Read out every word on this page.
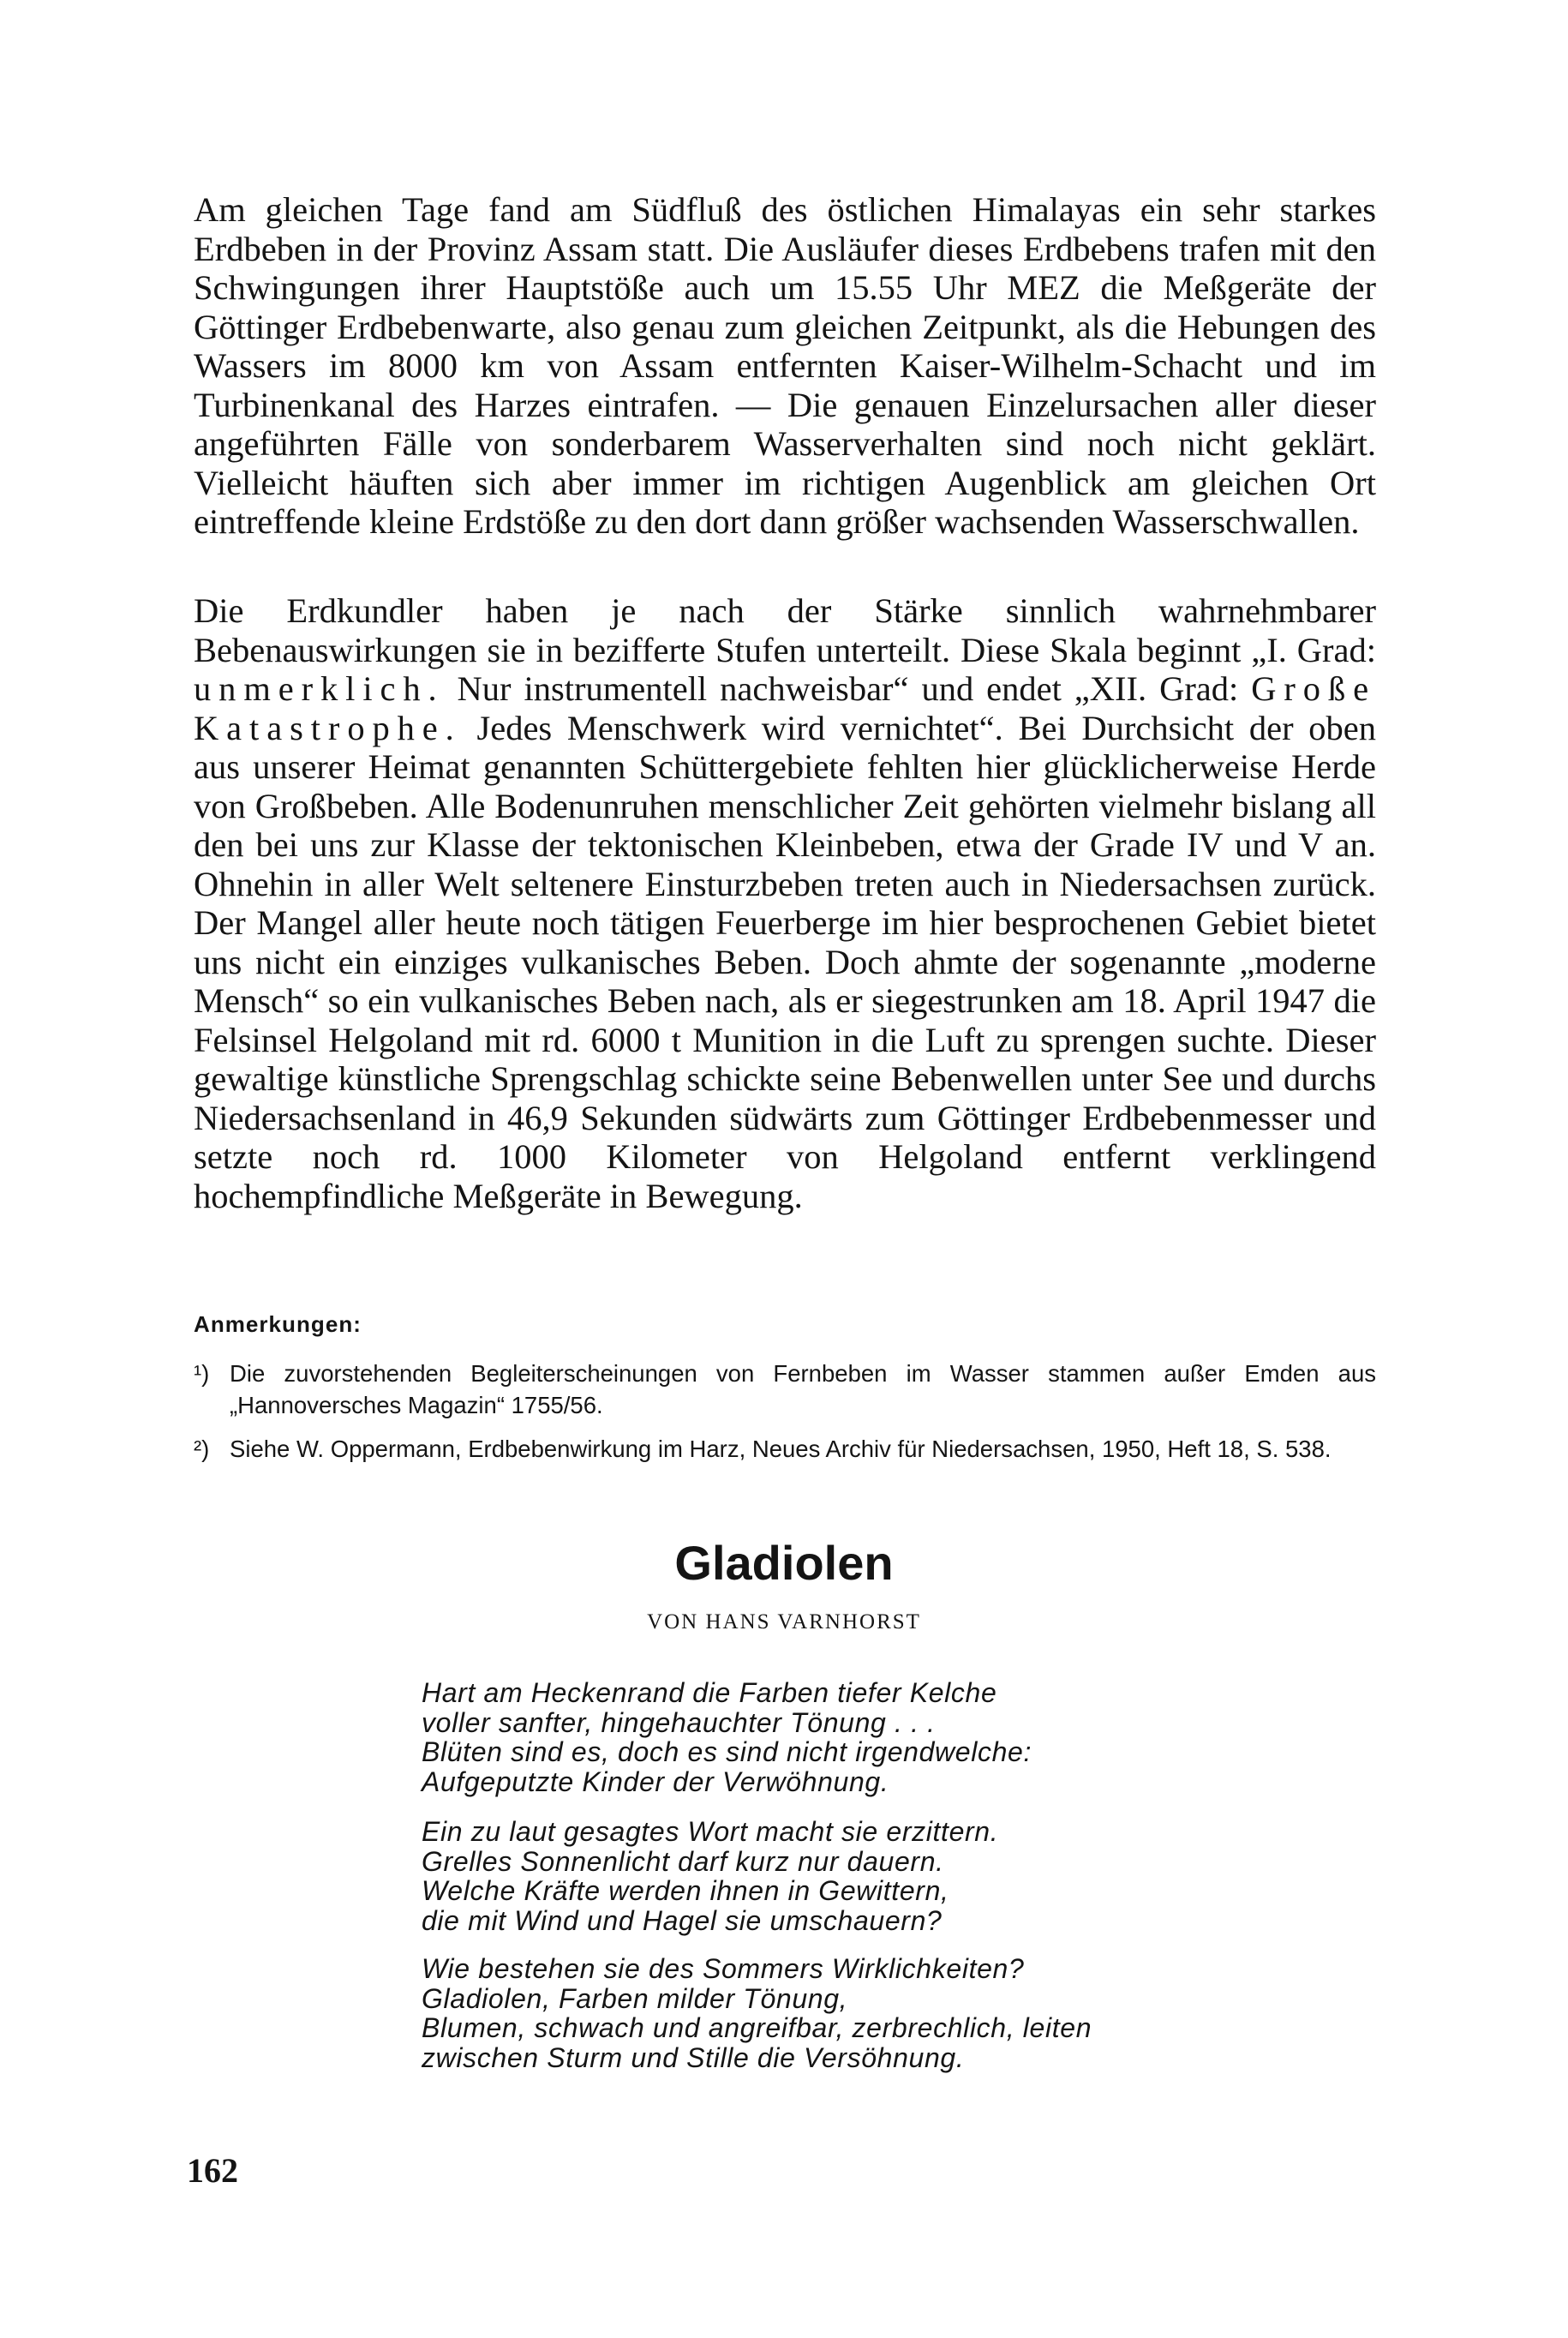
Am gleichen Tage fand am Südfluß des östlichen Himalayas ein sehr starkes Erdbeben in der Provinz Assam statt. Die Ausläufer dieses Erdbebens trafen mit den Schwingungen ihrer Hauptstöße auch um 15.55 Uhr MEZ die Meßgeräte der Göttinger Erdbebenwarte, also genau zum gleichen Zeitpunkt, als die Hebungen des Wassers im 8000 km von Assam entfernten Kaiser-Wilhelm-Schacht und im Turbinenkanal des Harzes eintrafen. — Die genauen Einzelursachen aller dieser angeführten Fälle von sonderbarem Wasserverhalten sind noch nicht geklärt. Vielleicht häuften sich aber immer im richtigen Augenblick am gleichen Ort eintreffende kleine Erdstöße zu den dort dann größer wachsenden Wasserschwallen.

Die Erdkundler haben je nach der Stärke sinnlich wahrnehmbarer Bebenauswirkungen sie in bezifferte Stufen unterteilt. Diese Skala beginnt „I. Grad: unmerklich. Nur instrumentell nachweisbar“ und endet „XII. Grad: Große Katastrophe. Jedes Menschwerk wird vernichtet“. Bei Durchsicht der oben aus unserer Heimat genannten Schüttergebiete fehlten hier glücklicherweise Herde von Großbeben. Alle Bodenunruhen menschlicher Zeit gehörten vielmehr bislang all den bei uns zur Klasse der tektonischen Kleinbeben, etwa der Grade IV und V an. Ohnehin in aller Welt seltenere Einsturzbeben treten auch in Niedersachsen zurück. Der Mangel aller heute noch tätigen Feuerberge im hier besprochenen Gebiet bietet uns nicht ein einziges vulkanisches Beben. Doch ahmte der sogenannte „moderne Mensch“ so ein vulkanisches Beben nach, als er siegestrunken am 18. April 1947 die Felsinsel Helgoland mit rd. 6000 t Munition in die Luft zu sprengen suchte. Dieser gewaltige künstliche Sprengschlag schickte seine Bebenwellen unter See und durchs Niedersachsenland in 46,9 Sekunden südwärts zum Göttinger Erdbebenmesser und setzte noch rd. 1000 Kilometer von Helgoland entfernt verklingend hochempfindliche Meßgeräte in Bewegung.

Anmerkungen:
¹) Die zuvorstehenden Begleiterscheinungen von Fernbeben im Wasser stammen außer Emden aus „Hannoversches Magazin“ 1755/56.
²) Siehe W. Oppermann, Erdbebenwirkung im Harz, Neues Archiv für Niedersachsen, 1950, Heft 18, S. 538.
Gladiolen
VON HANS VARNHORST
Hart am Heckenrand die Farben tiefer Kelche
voller sanfter, hingehauchter Tönung . . .
Blüten sind es, doch es sind nicht irgendwelche:
Aufgeputzte Kinder der Verwöhnung.
Ein zu laut gesagtes Wort macht sie erzittern.
Grelles Sonnenlicht darf kurz nur dauern.
Welche Kräfte werden ihnen in Gewittern,
die mit Wind und Hagel sie umschauern?
Wie bestehen sie des Sommers Wirklichkeiten?
Gladiolen, Farben milder Tönung,
Blumen, schwach und angreifbar, zerbrechlich, leiten
zwischen Sturm und Stille die Versöhnung.
162
